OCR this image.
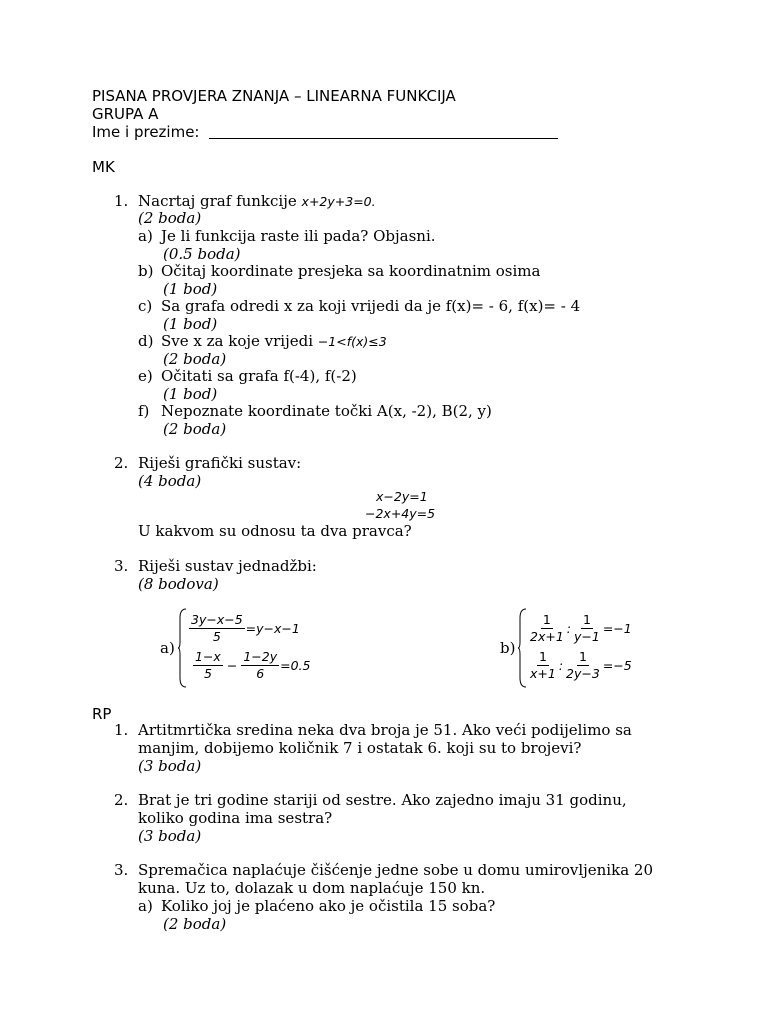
PISANA PROVJERA ZNANJA – LINEARNA FUNKCIJA
GRUPA A
Ime i prezime:
MK
1. Nacrtaj graf funkcije x+2y+3=0.
(2 boda)
a) Je li funkcija raste ili pada? Objasni.
(0.5 boda)
b) Očitaj koordinate presjeka sa koordinatnim osima
(1 bod)
c) Sa grafa odredi x za koji vrijedi da je f(x)= - 6, f(x)= - 4
(1 bod)
d) Sve x za koje vrijedi −1<f(x)≤3
(2 boda)
e) Očitati sa grafa f(-4), f(-2)
(1 bod)
f) Nepoznate koordinate točki A(x, -2), B(2, y)
(2 boda)
2. Riješi grafički sustav:
(4 boda)
x−2y=1
−2x+4y=5
U kakvom su odnosu ta dva pravca?
3. Riješi sustav jednadžbi:
(8 bodova)
a)
$\frac{3y-x-5}{5} =y-x-1$
$\frac{1-x}{5} - \frac{1-2y}{6} =0.5$
b)
$\frac{1}{2x+1}$ : $\frac{1}{y-1} =-1$
$\frac{1}{x+1}$ : $\frac{1}{2y-3} =-5$
RP
1. Artitmrtička sredina neka dva broja je 51. Ako veći podijelimo sa
manjim, dobijemo količnik 7 i ostatak 6. koji su to brojevi?
(3 boda)
2. Brat je tri godine stariji od sestre. Ako zajedno imaju 31 godinu,
koliko godina ima sestra?
(3 boda)
3. Spremačica naplaćuje čišćenje jedne sobe u domu umirovljenika 20
kuna. Uz to, dolazak u dom naplaćuje 150 kn.
a) Koliko joj je plaćeno ako je očistila 15 soba?
(2 boda)
